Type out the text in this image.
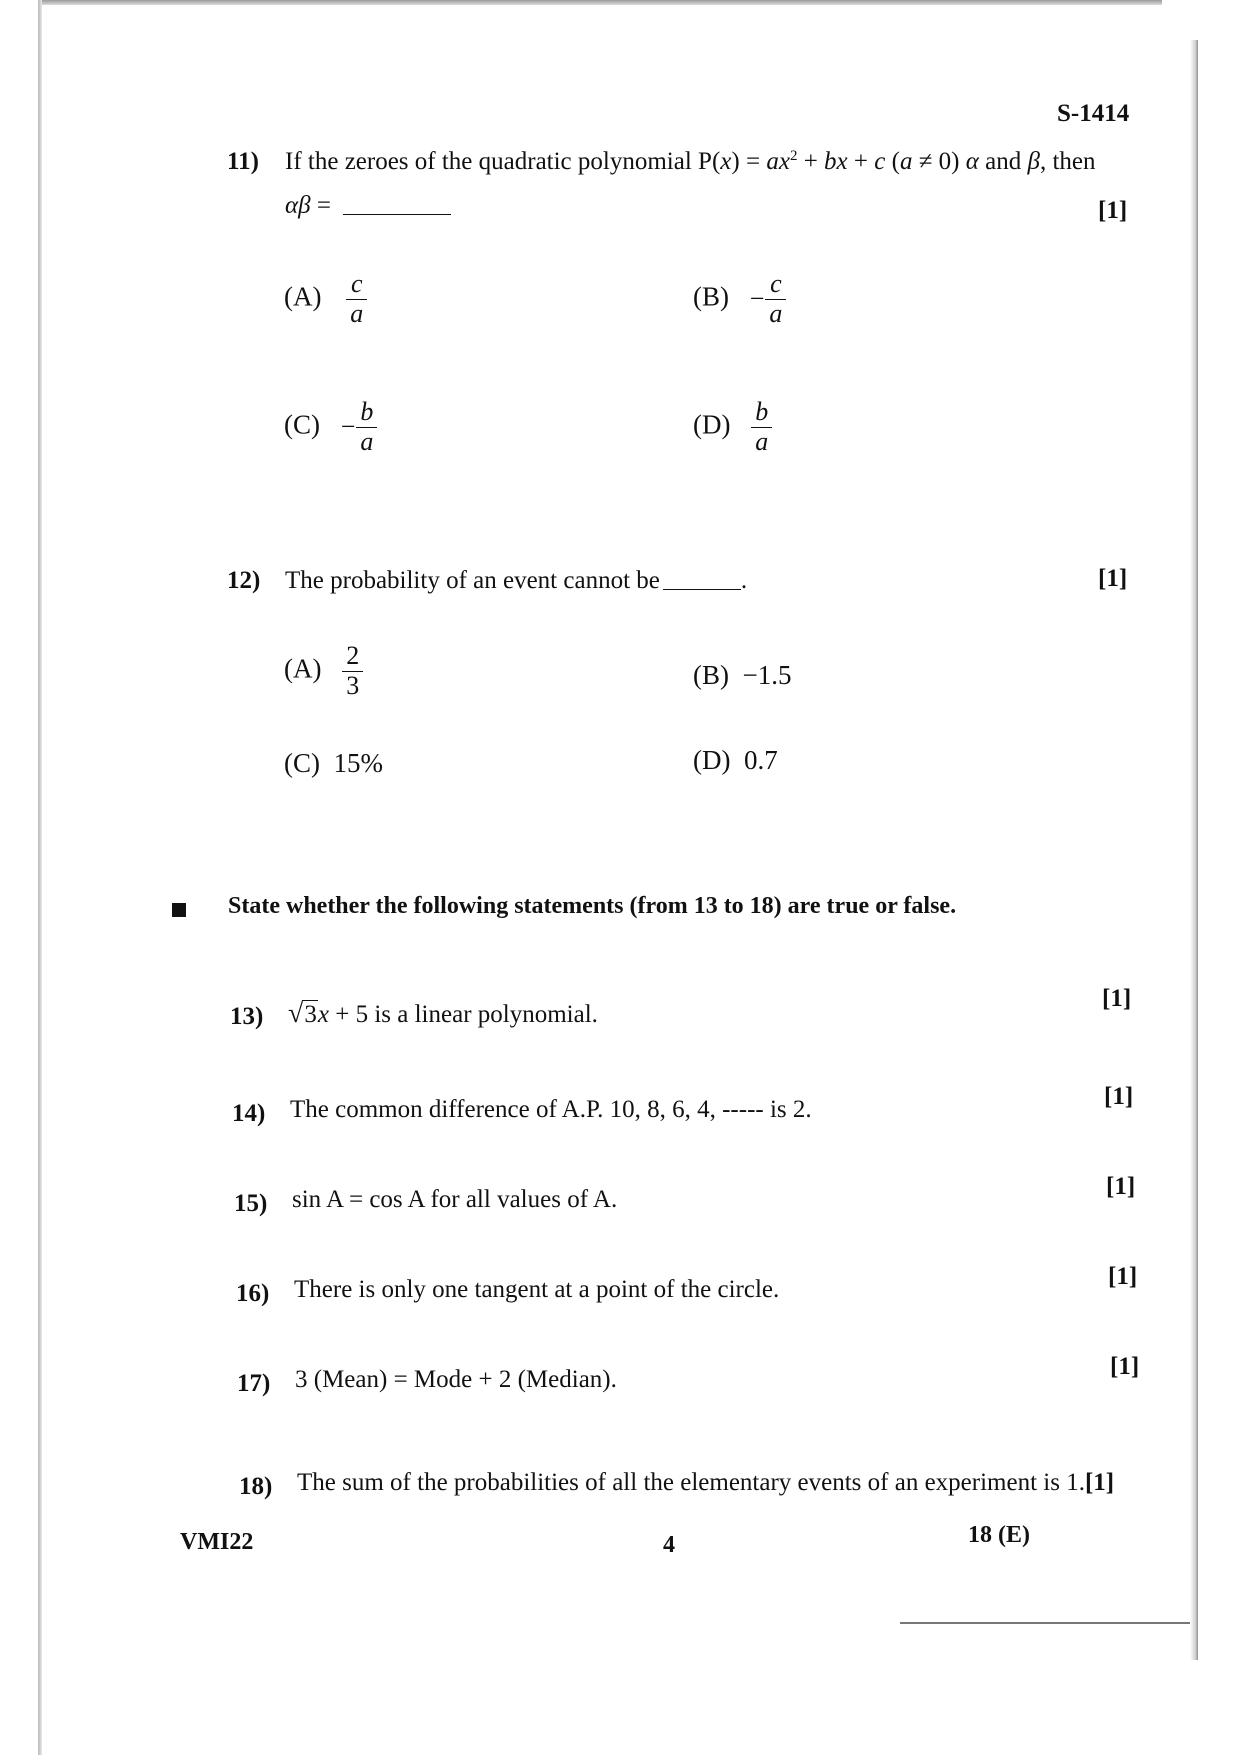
S-1414
11) If the zeroes of the quadratic polynomial $P(x) = ax^2$ + bx + c (a ≠ 0) α and β, then
αβ =	[1]
$(A) \frac{c}{a}$	$(B) - \frac{c}{a}$
$(C) - \frac{b}{a}$	$(D) \frac{b}{a}$
12) The probability of an event cannot be	.	[1]
$(A) \frac{2}{3}$	(B) −1.5
(C) 15%	(D) 0.7
State whether the following statements (from 13 to 18) are true or false.
13) √3x + 5 is a linear polynomial.
[1]
14) The common difference of A.P. 10, 8, 6, 4, ----- is 2.	[1]
15) sin A = cos A for all values of A.	[1]
16) There is only one tangent at a point of the circle.	[1]
17) 3 (Mean) = Mode + 2 (Median).	[1]
18) The sum of the probabilities of all the elementary events of an experiment is 1.[1]
VMI22	4	18 (E)
